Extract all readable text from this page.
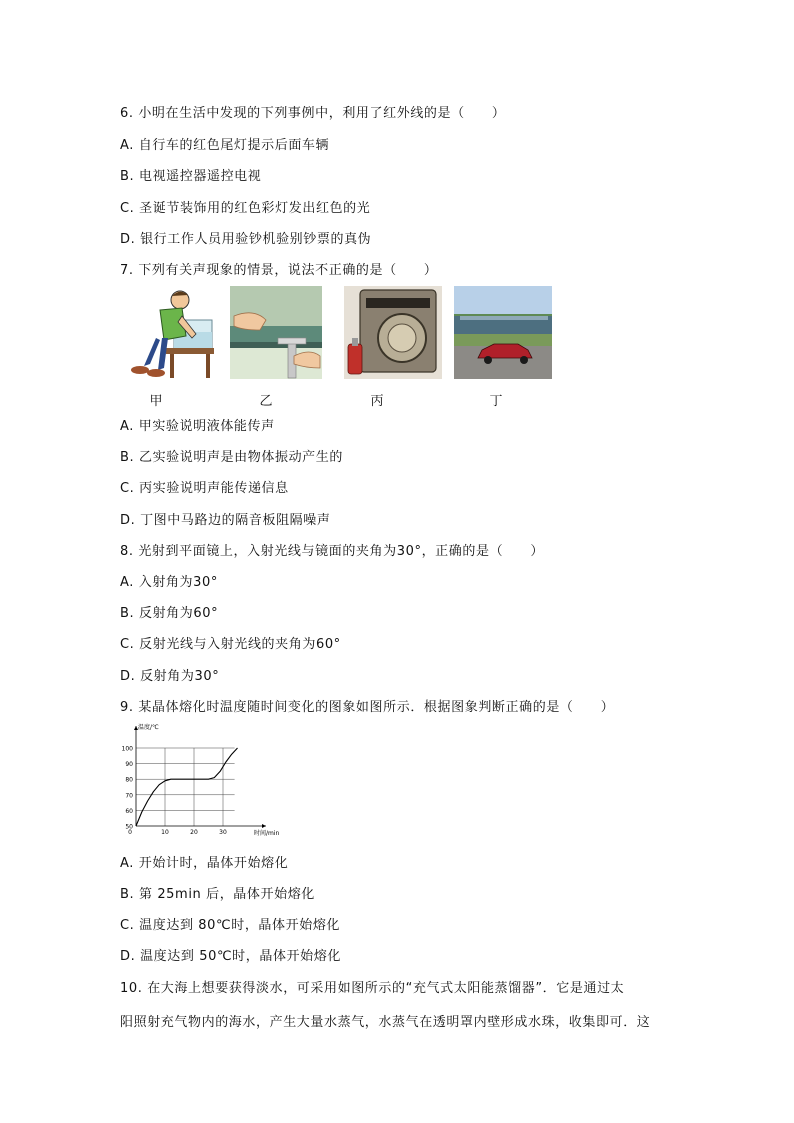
6. 小明在生活中发现的下列事例中，利用了红外线的是（　　）
A. 自行车的红色尾灯提示后面车辆
B. 电视遥控器遥控电视
C. 圣诞节装饰用的红色彩灯发出红色的光
D. 银行工作人员用验钞机验别钞票的真伪
7. 下列有关声现象的情景，说法不正确的是（　　）
甲	乙	丙	丁
A. 甲实验说明液体能传声
B. 乙实验说明声是由物体振动产生的
C. 丙实验说明声能传递信息
D. 丁图中马路边的隔音板阻隔噪声
8. 光射到平面镜上，入射光线与镜面的夹角为30°，正确的是（　　）
A. 入射角为30°
B. 反射角为60°
C. 反射光线与入射光线的夹角为60°
D. 反射角为30°
9. 某晶体熔化时温度随时间变化的图象如图所示．根据图象判断正确的是（　　）
50
60
70
80
90
100
10	20	30
0
温度/℃
时间/min
A. 开始计时，晶体开始熔化
B. 第 25min 后，晶体开始熔化
C. 温度达到 80℃时，晶体开始熔化
D. 温度达到 50℃时，晶体开始熔化
10. 在大海上想要获得淡水，可采用如图所示的“充气式太阳能蒸馏器”．它是通过太
阳照射充气物内的海水，产生大量水蒸气，水蒸气在透明罩内壁形成水珠，收集即可．这
